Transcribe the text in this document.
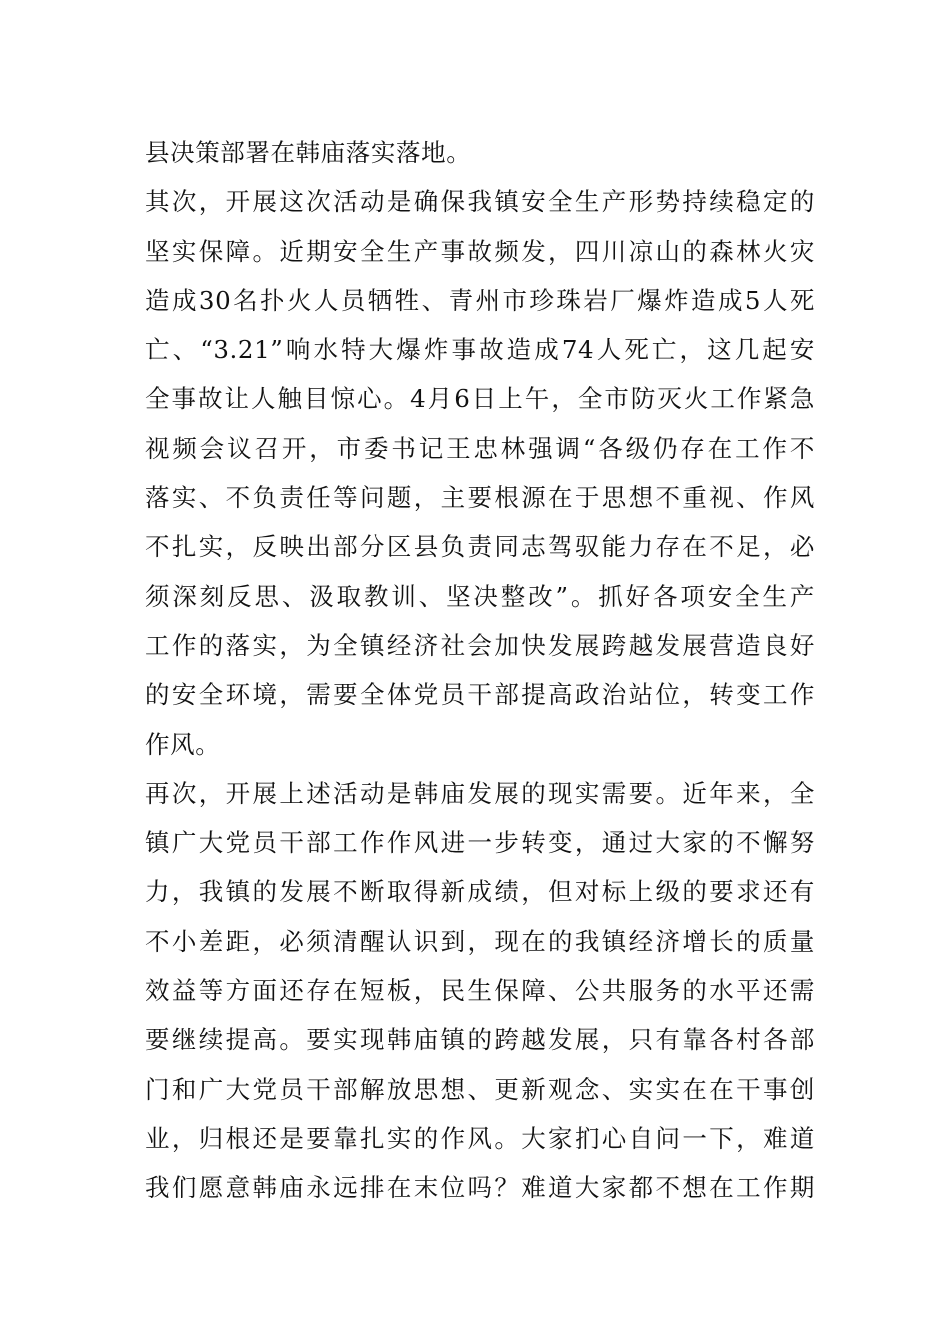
县决策部署在韩庙落实落地。
其次，开展这次活动是确保我镇安全生产形势持续稳定的
坚实保障。近期安全生产事故频发，四川凉山的森林火灾
造成30名扑火人员牺牲、青州市珍珠岩厂爆炸造成5人死
亡、“3.21”响水特大爆炸事故造成74人死亡，这几起安
全事故让人触目惊心。4月6日上午，全市防灭火工作紧急
视频会议召开，市委书记王忠林强调“各级仍存在工作不
落实、不负责任等问题，主要根源在于思想不重视、作风
不扎实，反映出部分区县负责同志驾驭能力存在不足，必
须深刻反思、汲取教训、坚决整改”。抓好各项安全生产
工作的落实，为全镇经济社会加快发展跨越发展营造良好
的安全环境，需要全体党员干部提高政治站位，转变工作
作风。
再次，开展上述活动是韩庙发展的现实需要。近年来，全
镇广大党员干部工作作风进一步转变，通过大家的不懈努
力，我镇的发展不断取得新成绩，但对标上级的要求还有
不小差距，必须清醒认识到，现在的我镇经济增长的质量
效益等方面还存在短板，民生保障、公共服务的水平还需
要继续提高。要实现韩庙镇的跨越发展，只有靠各村各部
门和广大党员干部解放思想、更新观念、实实在在干事创
业，归根还是要靠扎实的作风。大家扪心自问一下，难道
我们愿意韩庙永远排在末位吗？难道大家都不想在工作期
